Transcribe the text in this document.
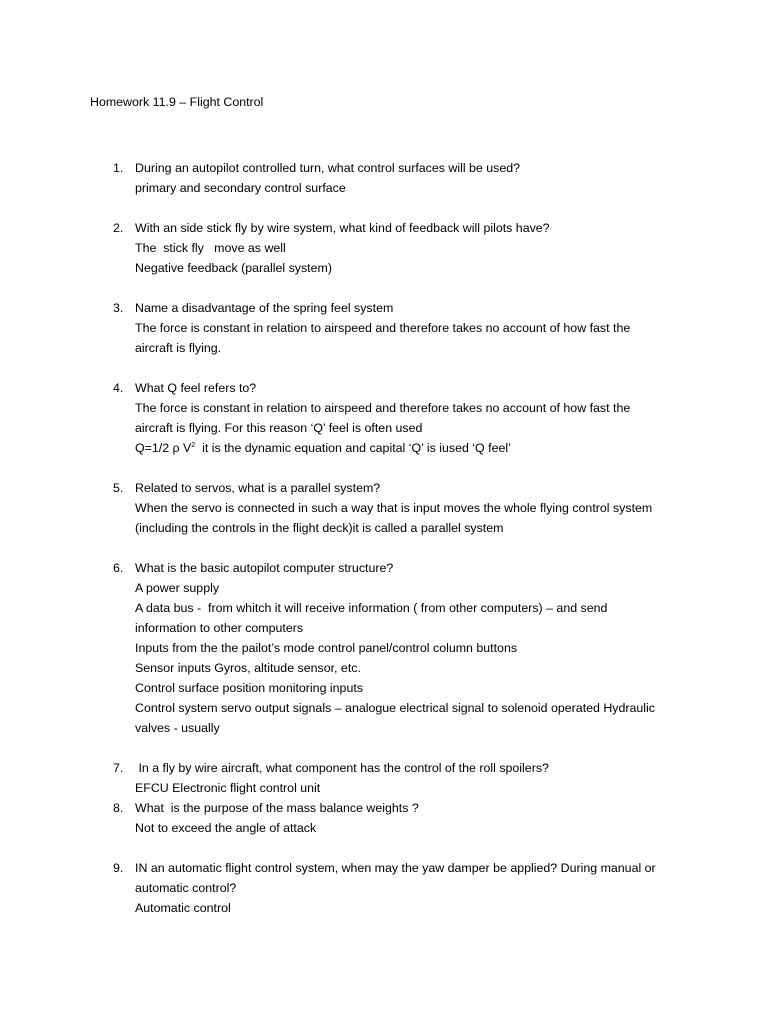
Homework 11.9 – Flight Control
1. During an autopilot controlled turn, what control surfaces will be used?
primary and secondary control surface
2. With an side stick fly by wire system, what kind of feedback will pilots have?
The  stick fly   move as well
Negative feedback (parallel system)
3. Name a disadvantage of the spring feel system
The force is constant in relation to airspeed and therefore takes no account of how fast the
aircraft is flying.
4. What Q feel refers to?
The force is constant in relation to airspeed and therefore takes no account of how fast the
aircraft is flying. For this reason ‘Q’ feel is often used
Q=1/2 ρ $V^2$  it is the dynamic equation and capital ‘Q’ is iused ‘Q feel’
5. Related to servos, what is a parallel system?
When the servo is connected in such a way that is input moves the whole flying control system
(including the controls in the flight deck)it is called a parallel system
6. What is the basic autopilot computer structure?
A power supply
A data bus -  from whitch it will receive information ( from other computers) – and send
information to other computers
Inputs from the the pailot’s mode control panel/control column buttons
Sensor inputs Gyros, altitude sensor, etc.
Control surface position monitoring inputs
Control system servo output signals – analogue electrical signal to solenoid operated Hydraulic
valves - usually
7. In a fly by wire aircraft, what component has the control of the roll spoilers?
EFCU Electronic flight control unit
8. What  is the purpose of the mass balance weights ?
Not to exceed the angle of attack
9. IN an automatic flight control system, when may the yaw damper be applied? During manual or
automatic control?
Automatic control
